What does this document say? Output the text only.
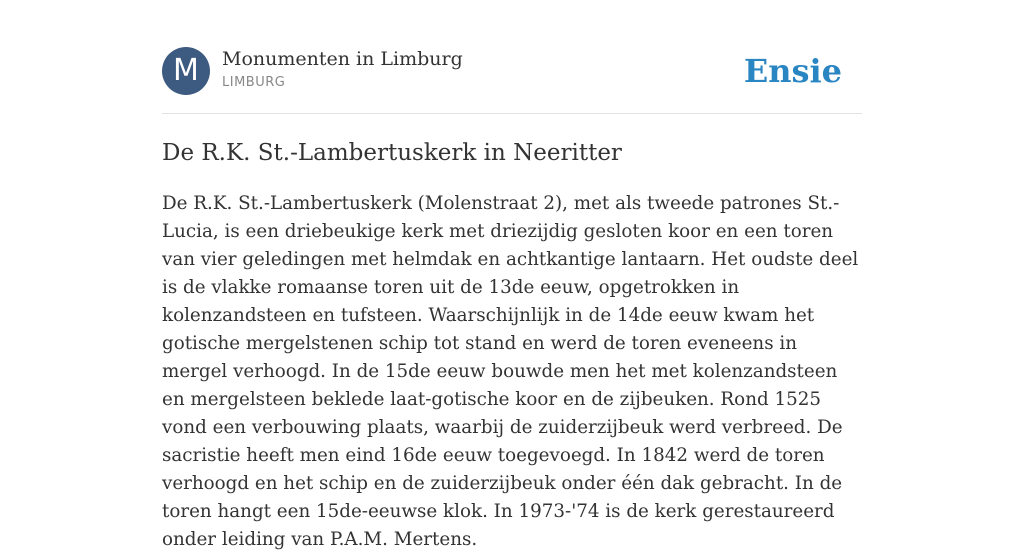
M	Monumenten in Limburg
LIMBURG	Ensie
De R.K. St.-Lambertuskerk in Neeritter

De R.K. St.-Lambertuskerk (Molenstraat 2), met als tweede patrones St.-Lucia, is een driebeukige kerk met driezijdig gesloten koor en een toren van vier geledingen met helmdak en achtkantige lantaarn. Het oudste deel is de vlakke romaanse toren uit de 13de eeuw, opgetrokken in kolenzandsteen en tufsteen. Waarschijnlijk in de 14de eeuw kwam het gotische mergelstenen schip tot stand en werd de toren eveneens in mergel verhoogd. In de 15de eeuw bouwde men het met kolenzandsteen en mergelsteen beklede laat-gotische koor en de zijbeuken. Rond 1525 vond een verbouwing plaats, waarbij de zuiderzijbeuk werd verbreed. De sacristie heeft men eind 16de eeuw toegevoegd. In 1842 werd de toren verhoogd en het schip en de zuiderzijbeuk onder één dak gebracht. In de toren hangt een 15de-eeuwse klok. In 1973-'74 is de kerk gerestaureerd onder leiding van P.A.M. Mertens.
